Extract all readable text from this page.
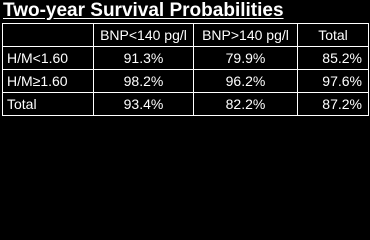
Two-year Survival Probabilities
	BNP<140 pg/l	BNP>140 pg/l	Total
H/M<1.60	91.3%	79.9%	85.2%
H/M≥1.60	98.2%	96.2%	97.6%
Total	93.4%	82.2%	87.2%
